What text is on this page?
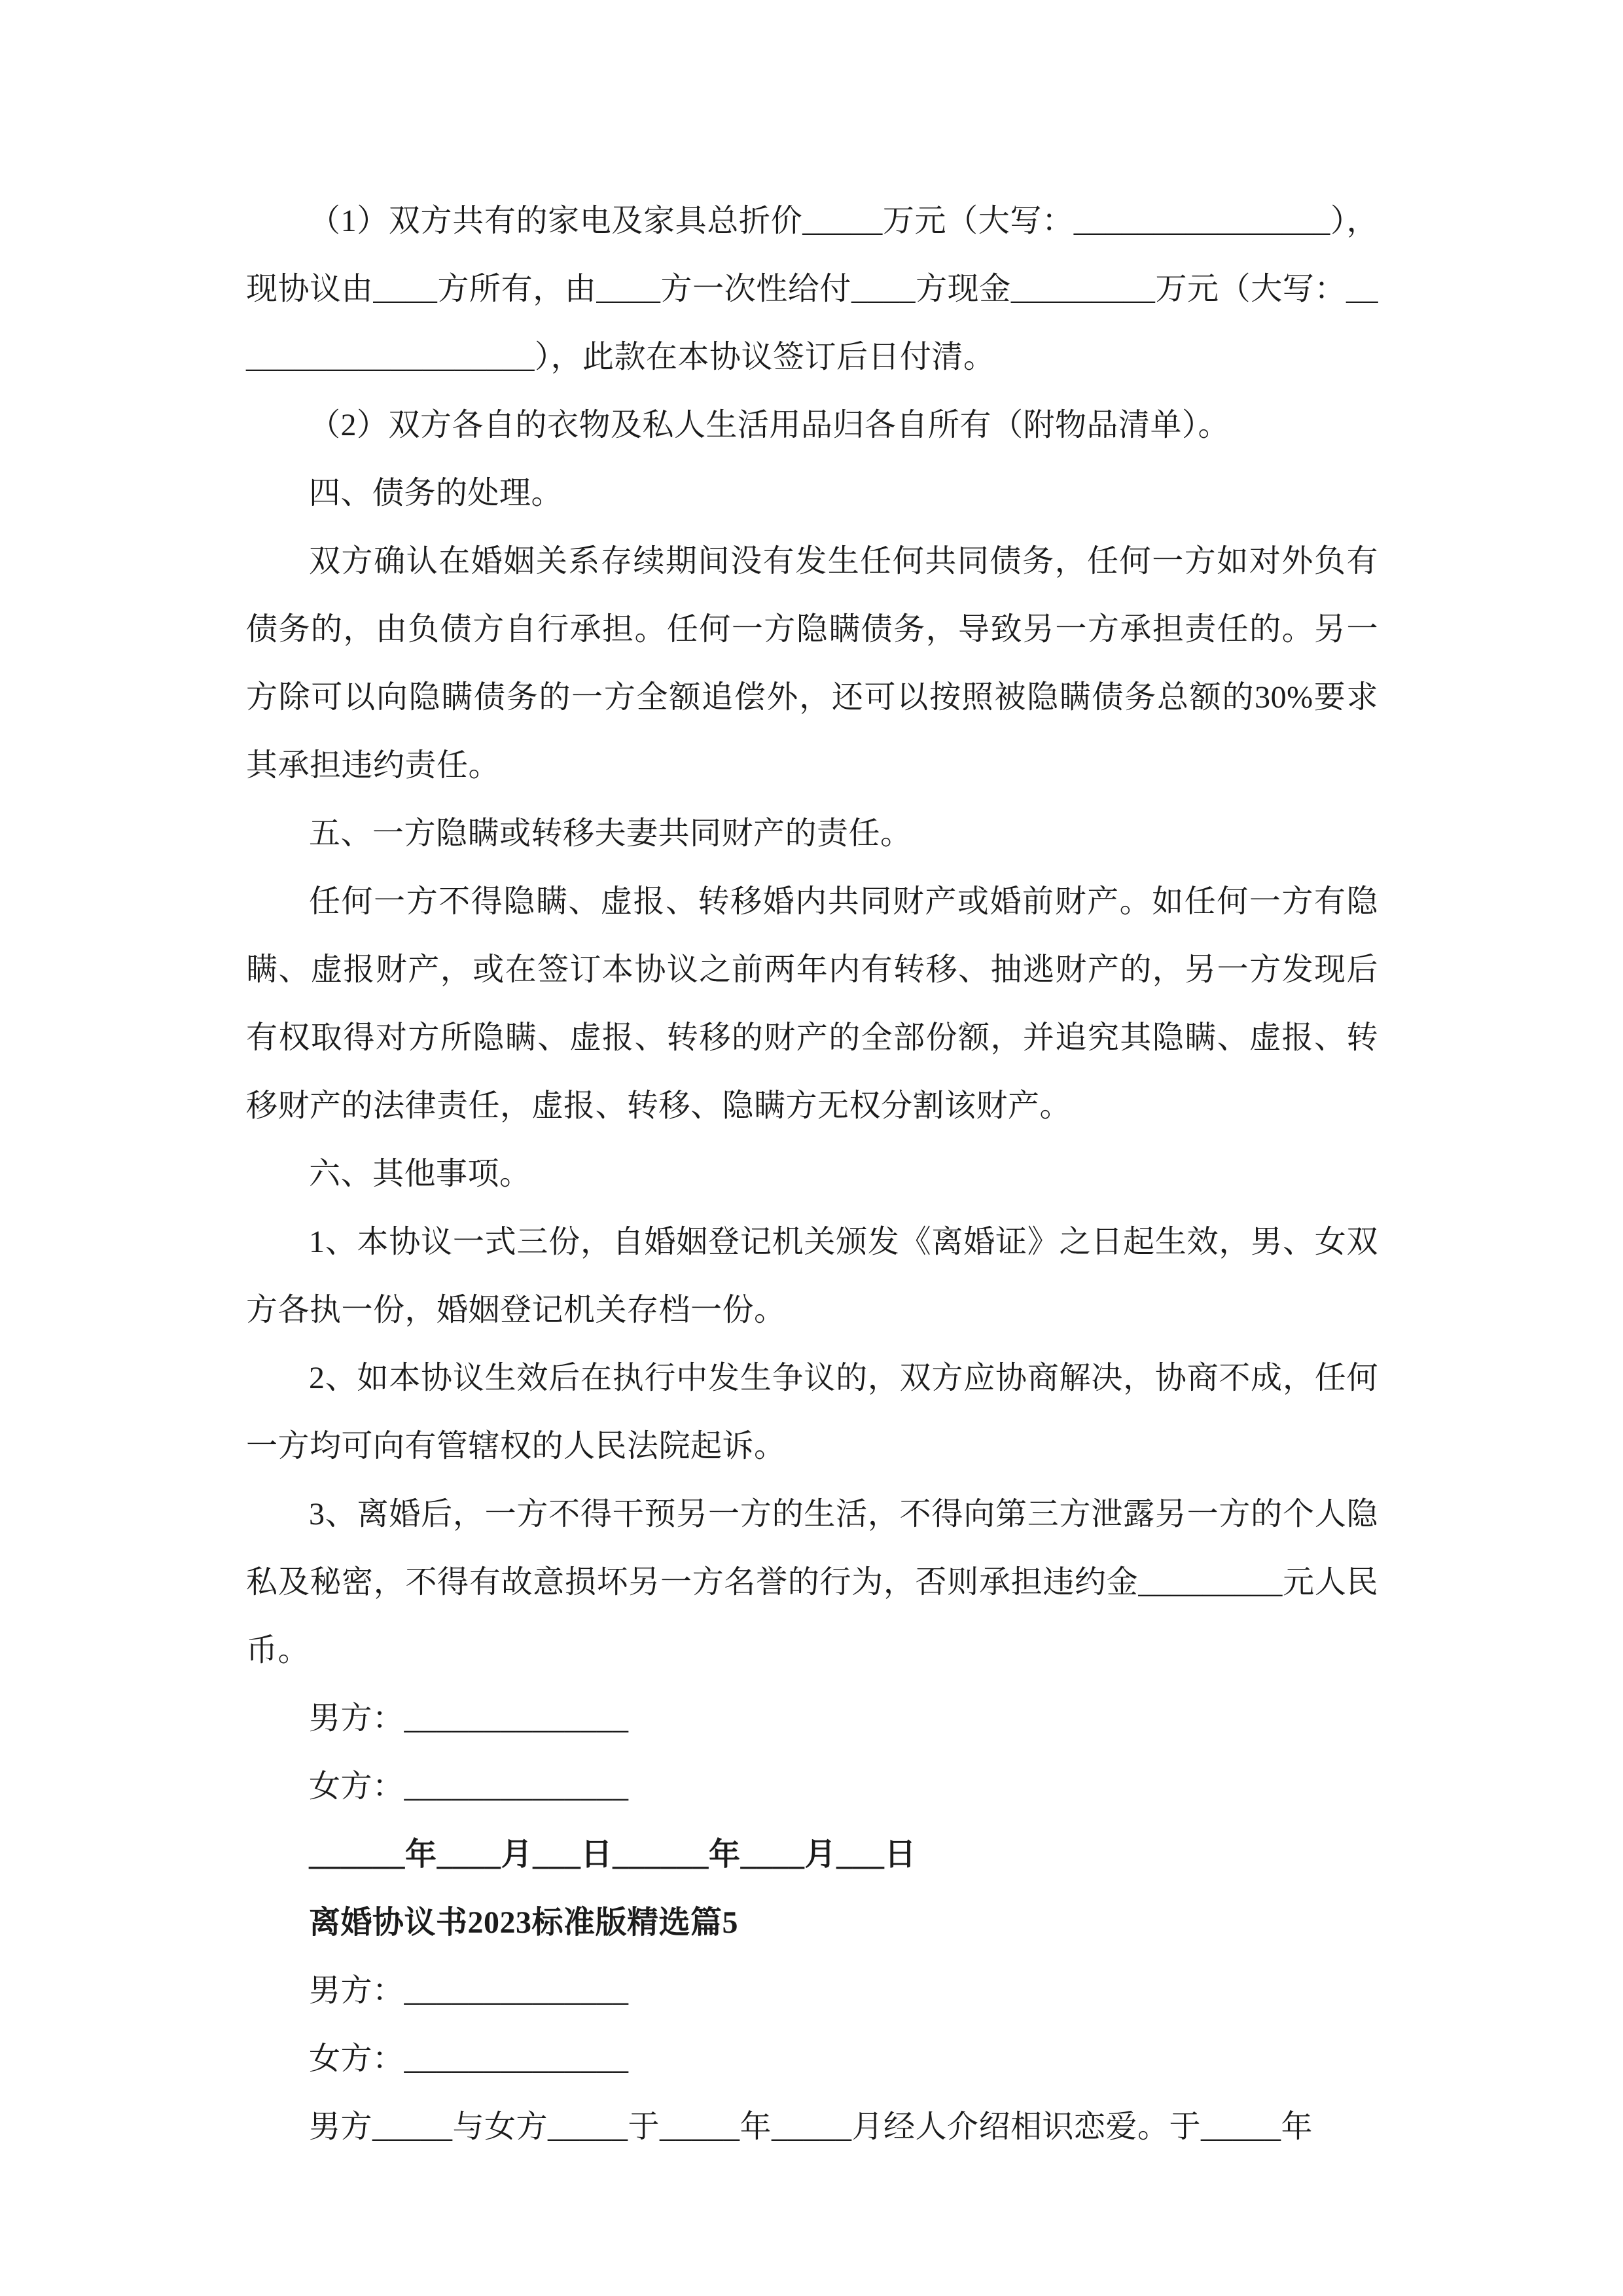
（1）双方共有的家电及家具总折价_____万元（大写：________________），现协议由____方所有，由____方一次性给付____方现金_________万元（大写：____________________），此款在本协议签订后日付清。

（2）双方各自的衣物及私人生活用品归各自所有（附物品清单）。

四、债务的处理。

双方确认在婚姻关系存续期间没有发生任何共同债务，任何一方如对外负有债务的，由负债方自行承担。任何一方隐瞒债务，导致另一方承担责任的。另一方除可以向隐瞒债务的一方全额追偿外，还可以按照被隐瞒债务总额的30%要求其承担违约责任。

五、一方隐瞒或转移夫妻共同财产的责任。

任何一方不得隐瞒、虚报、转移婚内共同财产或婚前财产。如任何一方有隐瞒、虚报财产，或在签订本协议之前两年内有转移、抽逃财产的，另一方发现后有权取得对方所隐瞒、虚报、转移的财产的全部份额，并追究其隐瞒、虚报、转移财产的法律责任，虚报、转移、隐瞒方无权分割该财产。

六、其他事项。

1、本协议一式三份，自婚姻登记机关颁发《离婚证》之日起生效，男、女双方各执一份，婚姻登记机关存档一份。

2、如本协议生效后在执行中发生争议的，双方应协商解决，协商不成，任何一方均可向有管辖权的人民法院起诉。

3、离婚后，一方不得干预另一方的生活，不得向第三方泄露另一方的个人隐私及秘密，不得有故意损坏另一方名誉的行为，否则承担违约金_________元人民币。

男方：______________

女方：______________

______年____月___日______年____月___日

离婚协议书2023标准版精选篇5

男方：______________

女方：______________

男方_____与女方_____于_____年_____月经人介绍相识恋爱。于_____年
